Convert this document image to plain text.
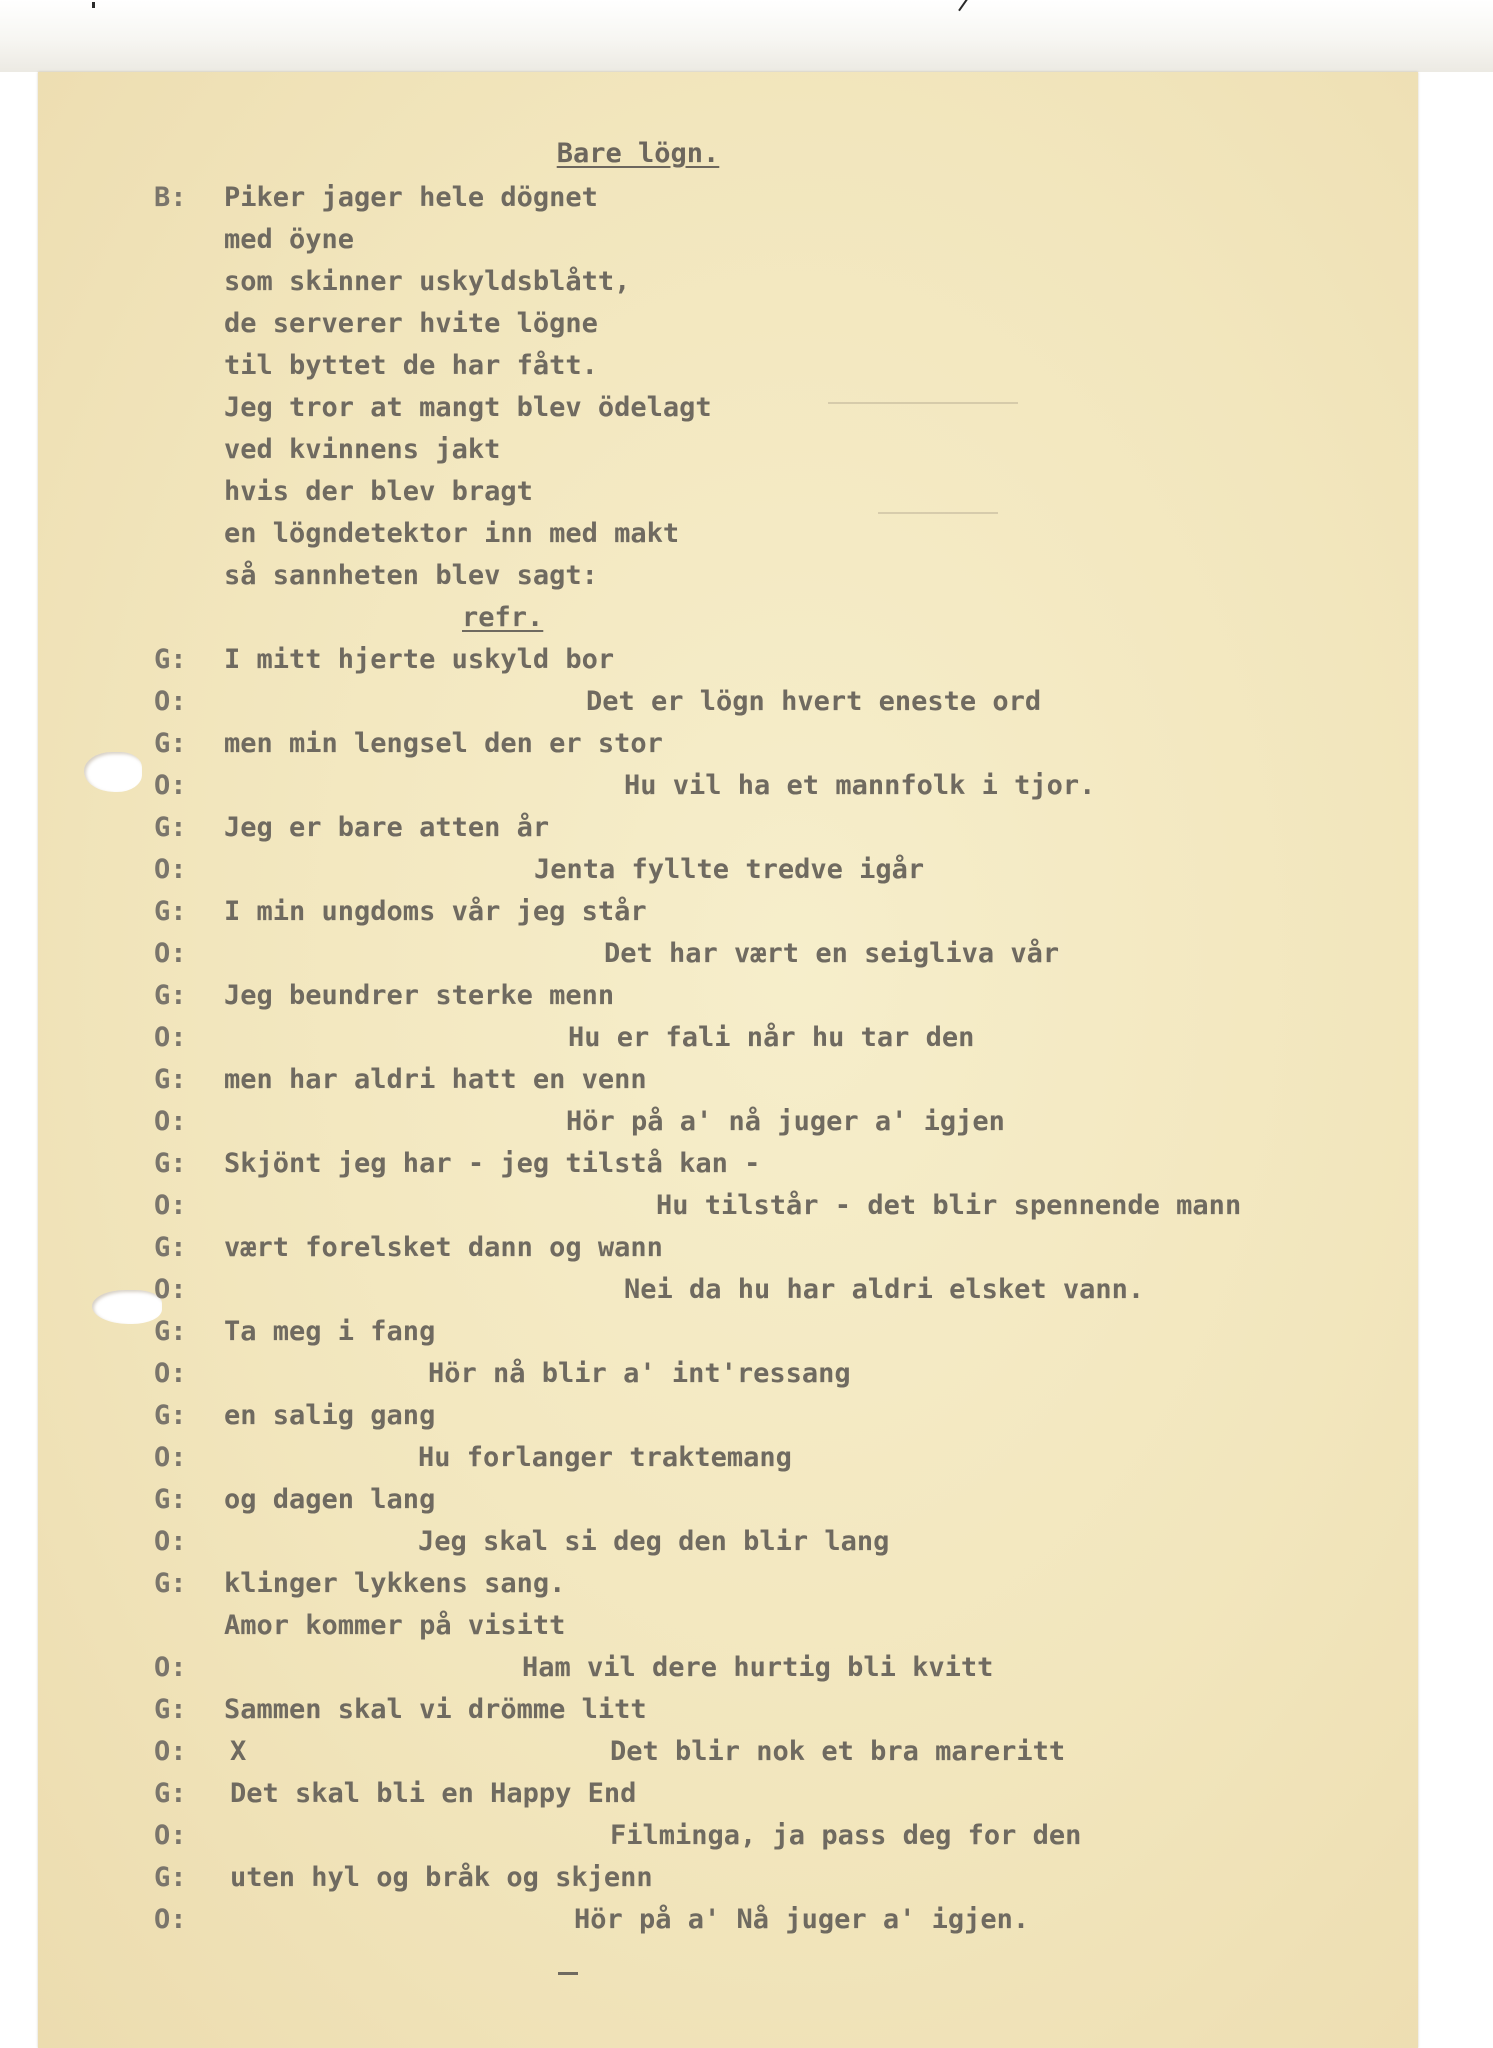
Bare lögn.
B:	Piker jager hele dögnet
med öyne
som skinner uskyldsblått,
de serverer hvite lögne
til byttet de har fått.
Jeg tror at mangt blev ödelagt
ved kvinnens jakt
hvis der blev bragt
en lögndetektor inn med makt
så sannheten blev sagt:
refr.
G:	I mitt hjerte uskyld bor
O:	Det er lögn hvert eneste ord
G:	men min lengsel den er stor
O:	Hu vil ha et mannfolk i tjor.
G:	Jeg er bare atten år
O:	Jenta fyllte tredve igår
G:	I min ungdoms vår jeg står
O:	Det har vært en seigliva vår
G:	Jeg beundrer sterke menn
O:	Hu er fali når hu tar den
G:	men har aldri hatt en venn
O:	Hör på a' nå juger a' igjen
G:	Skjönt jeg har - jeg tilstå kan -
O:	Hu tilstår - det blir spennende mann
G:	vært forelsket dann og wann
O:	Nei da hu har aldri elsket vann.
G:	Ta meg i fang
O:	Hör nå blir a' int'ressang
G:	en salig gang
O:	Hu forlanger traktemang
G:	og dagen lang
O:	Jeg skal si deg den blir lang
G:	klinger lykkens sang.
Amor kommer på visitt
O:	Ham vil dere hurtig bli kvitt
G:	Sammen skal vi drömme litt
O:	X	Det blir nok et bra mareritt
G:	Det skal bli en Happy End
O:	Filminga, ja pass deg for den
G:	uten hyl og bråk og skjenn
O:	Hör på a' Nå juger a' igjen.
